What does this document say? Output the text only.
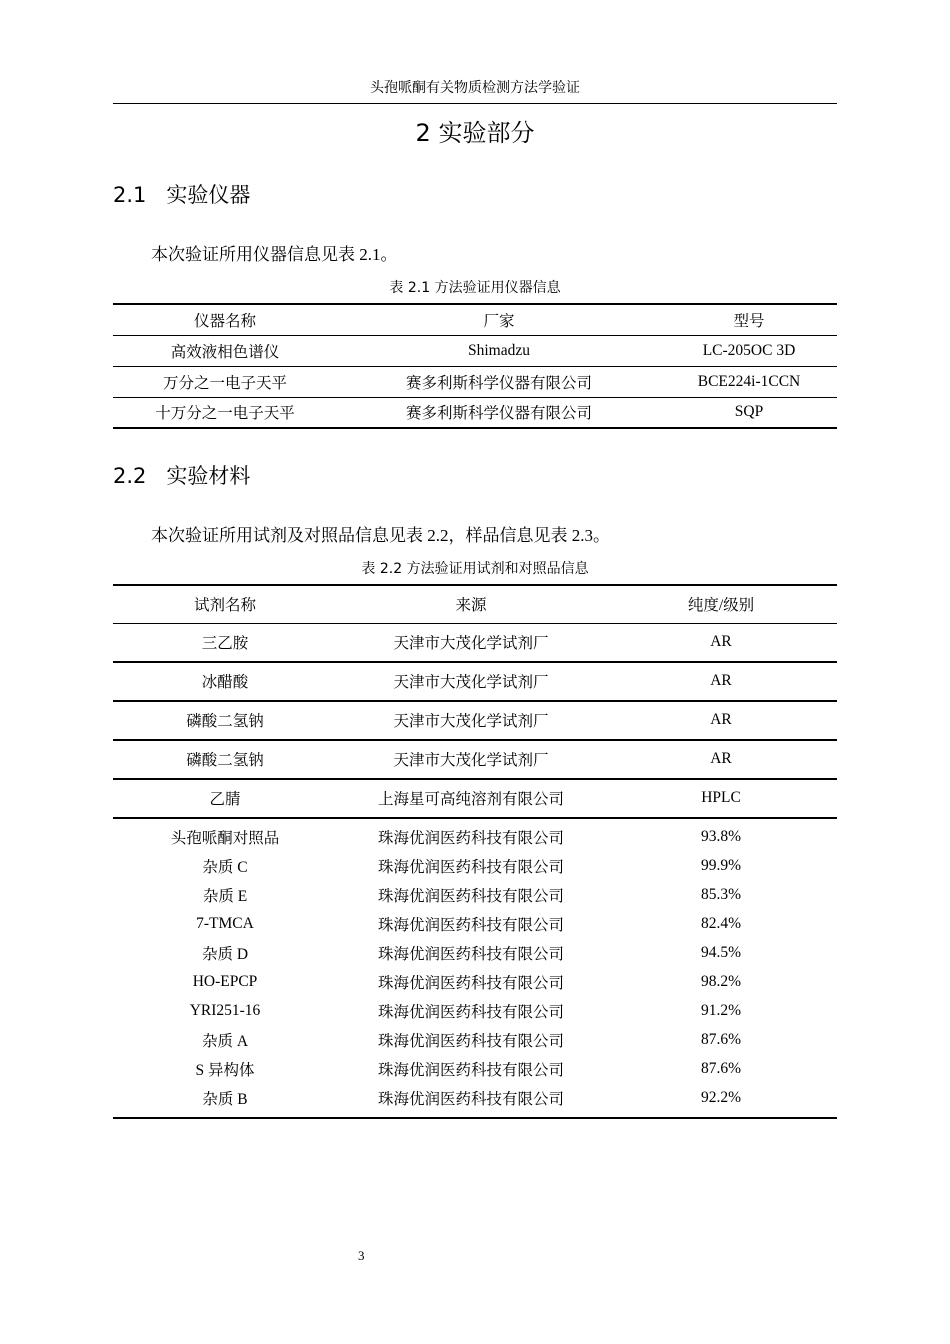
头孢哌酮有关物质检测方法学验证
2 实验部分
2.1   实验仪器
本次验证所用仪器信息见表 2.1。
表 2.1 方法验证用仪器信息
仪器名称	厂家	型号
高效液相色谱仪	Shimadzu	LC-205OC 3D
万分之一电子天平	赛多利斯科学仪器有限公司	BCE224i-1CCN
十万分之一电子天平	赛多利斯科学仪器有限公司	SQP
2.2   实验材料
本次验证所用试剂及对照品信息见表 2.2，样品信息见表 2.3。
表 2.2 方法验证用试剂和对照品信息
试剂名称	来源	纯度/级别
三乙胺	天津市大茂化学试剂厂	AR
冰醋酸	天津市大茂化学试剂厂	AR
磷酸二氢钠	天津市大茂化学试剂厂	AR
磷酸二氢钠	天津市大茂化学试剂厂	AR
乙腈	上海星可高纯溶剂有限公司	HPLC
头孢哌酮对照品	珠海优润医药科技有限公司	93.8%
杂质 C	珠海优润医药科技有限公司	99.9%
杂质 E	珠海优润医药科技有限公司	85.3%
7-TMCA	珠海优润医药科技有限公司	82.4%
杂质 D	珠海优润医药科技有限公司	94.5%
HO-EPCP	珠海优润医药科技有限公司	98.2%
YRI251-16	珠海优润医药科技有限公司	91.2%
杂质 A	珠海优润医药科技有限公司	87.6%
S 异构体	珠海优润医药科技有限公司	87.6%
杂质 B	珠海优润医药科技有限公司	92.2%
3
